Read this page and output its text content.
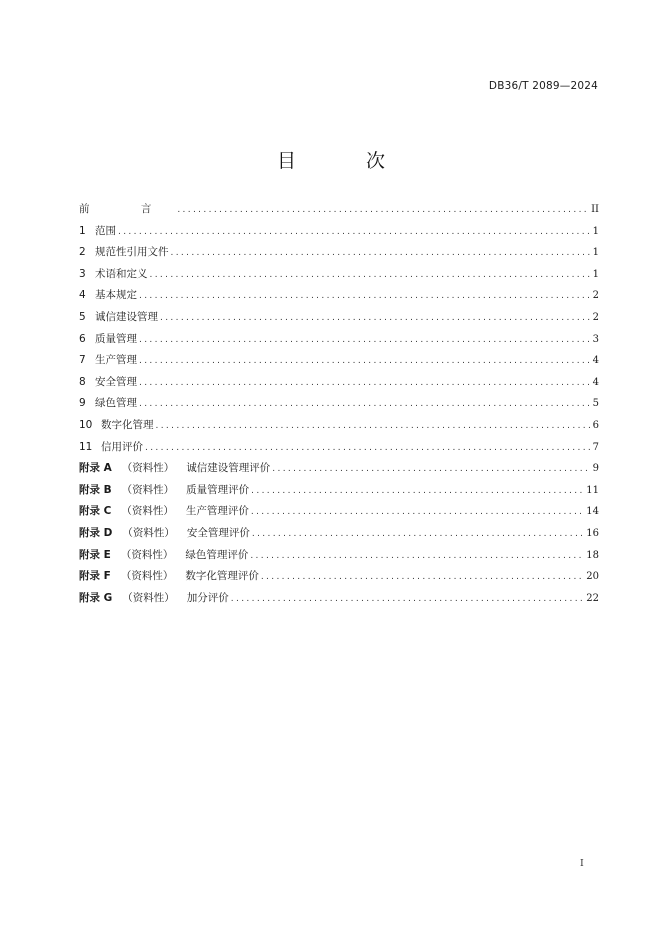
DB36/T 2089—2024
目 次
前 言 .....	II
1 范围 .....	1
2 规范性引用文件 .....	1
3 术语和定义 .....	1
4 基本规定 .....	2
5 诚信建设管理 .....	2
6 质量管理 .....	3
7 生产管理 .....	4
8 安全管理 .....	4
9 绿色管理 .....	5
10 数字化管理 .....	6
11 信用评价 .....	7
附录 A （资料性） 诚信建设管理评价 .....	9
附录 B （资料性） 质量管理评价 .....	11
附录 C （资料性） 生产管理评价 .....	14
附录 D （资料性） 安全管理评价 .....	16
附录 E （资料性） 绿色管理评价 .....	18
附录 F （资料性） 数字化管理评价 .....	20
附录 G （资料性） 加分评价 .....	22
I
